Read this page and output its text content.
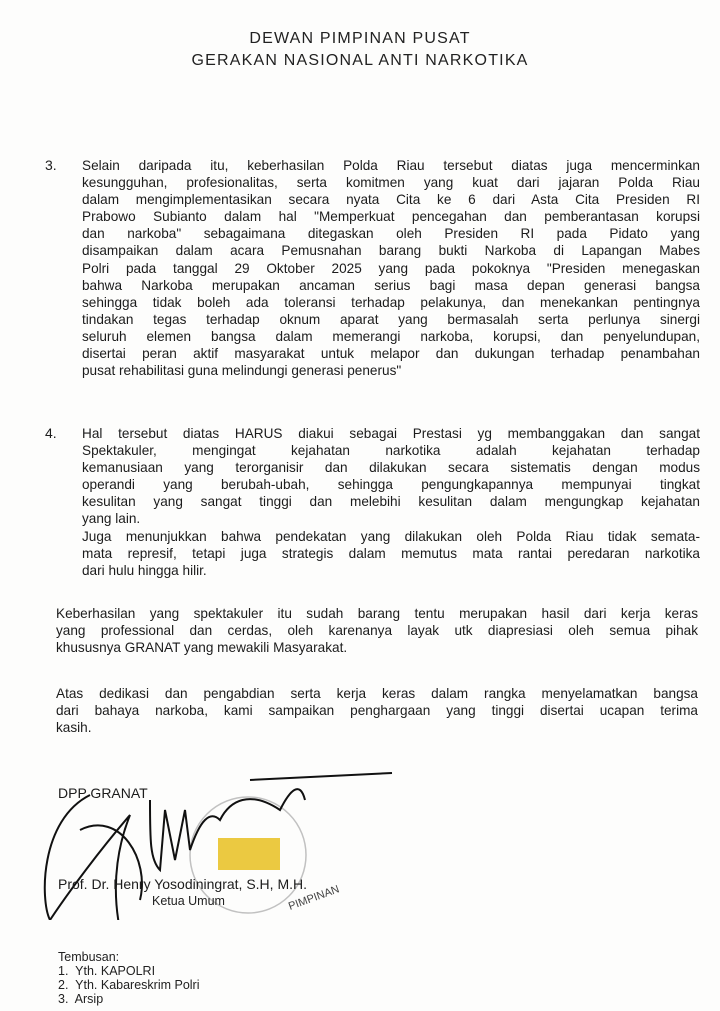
DEWAN PIMPINAN PUSAT
GERAKAN NASIONAL ANTI NARKOTIKA
3. Selain daripada itu, keberhasilan Polda Riau tersebut diatas juga mencerminkan
kesungguhan, profesionalitas, serta komitmen yang kuat dari jajaran Polda Riau
dalam mengimplementasikan secara nyata Cita ke 6 dari Asta Cita Presiden RI
Prabowo Subianto dalam hal "Memperkuat pencegahan dan pemberantasan korupsi
dan narkoba" sebagaimana ditegaskan oleh Presiden RI pada Pidato yang
disampaikan dalam acara Pemusnahan barang bukti Narkoba di Lapangan Mabes
Polri pada tanggal 29 Oktober 2025 yang pada pokoknya "Presiden menegaskan
bahwa Narkoba merupakan ancaman serius bagi masa depan generasi bangsa
sehingga tidak boleh ada toleransi terhadap pelakunya, dan menekankan pentingnya
tindakan tegas terhadap oknum aparat yang bermasalah serta perlunya sinergi
seluruh elemen bangsa dalam memerangi narkoba, korupsi, dan penyelundupan,
disertai peran aktif masyarakat untuk melapor dan dukungan terhadap penambahan
pusat rehabilitasi guna melindungi generasi penerus"
4. Hal tersebut diatas HARUS diakui sebagai Prestasi yg membanggakan dan sangat
Spektakuler, mengingat kejahatan narkotika adalah kejahatan terhadap
kemanusiaan yang terorganisir dan dilakukan secara sistematis dengan modus
operandi yang berubah-ubah, sehingga pengungkapannya mempunyai tingkat
kesulitan yang sangat tinggi dan melebihi kesulitan dalam mengungkap kejahatan
yang lain.
Juga menunjukkan bahwa pendekatan yang dilakukan oleh Polda Riau tidak semata-
mata represif, tetapi juga strategis dalam memutus mata rantai peredaran narkotika
dari hulu hingga hilir.
Keberhasilan yang spektakuler itu sudah barang tentu merupakan hasil dari kerja keras
yang professional dan cerdas, oleh karenanya layak utk diapresiasi oleh semua pihak
khususnya GRANAT yang mewakili Masyarakat.
Atas dedikasi dan pengabdian serta kerja keras dalam rangka menyelamatkan bangsa
dari bahaya narkoba, kami sampaikan penghargaan yang tinggi disertai ucapan terima
kasih.
PIMPINAN
DPP GRANAT
Prof. Dr. Henry Yosodiningrat, S.H, M.H.
Ketua Umum
Tembusan:
1.  Yth. KAPOLRI
2.  Yth. Kabareskrim Polri
3.  Arsip
